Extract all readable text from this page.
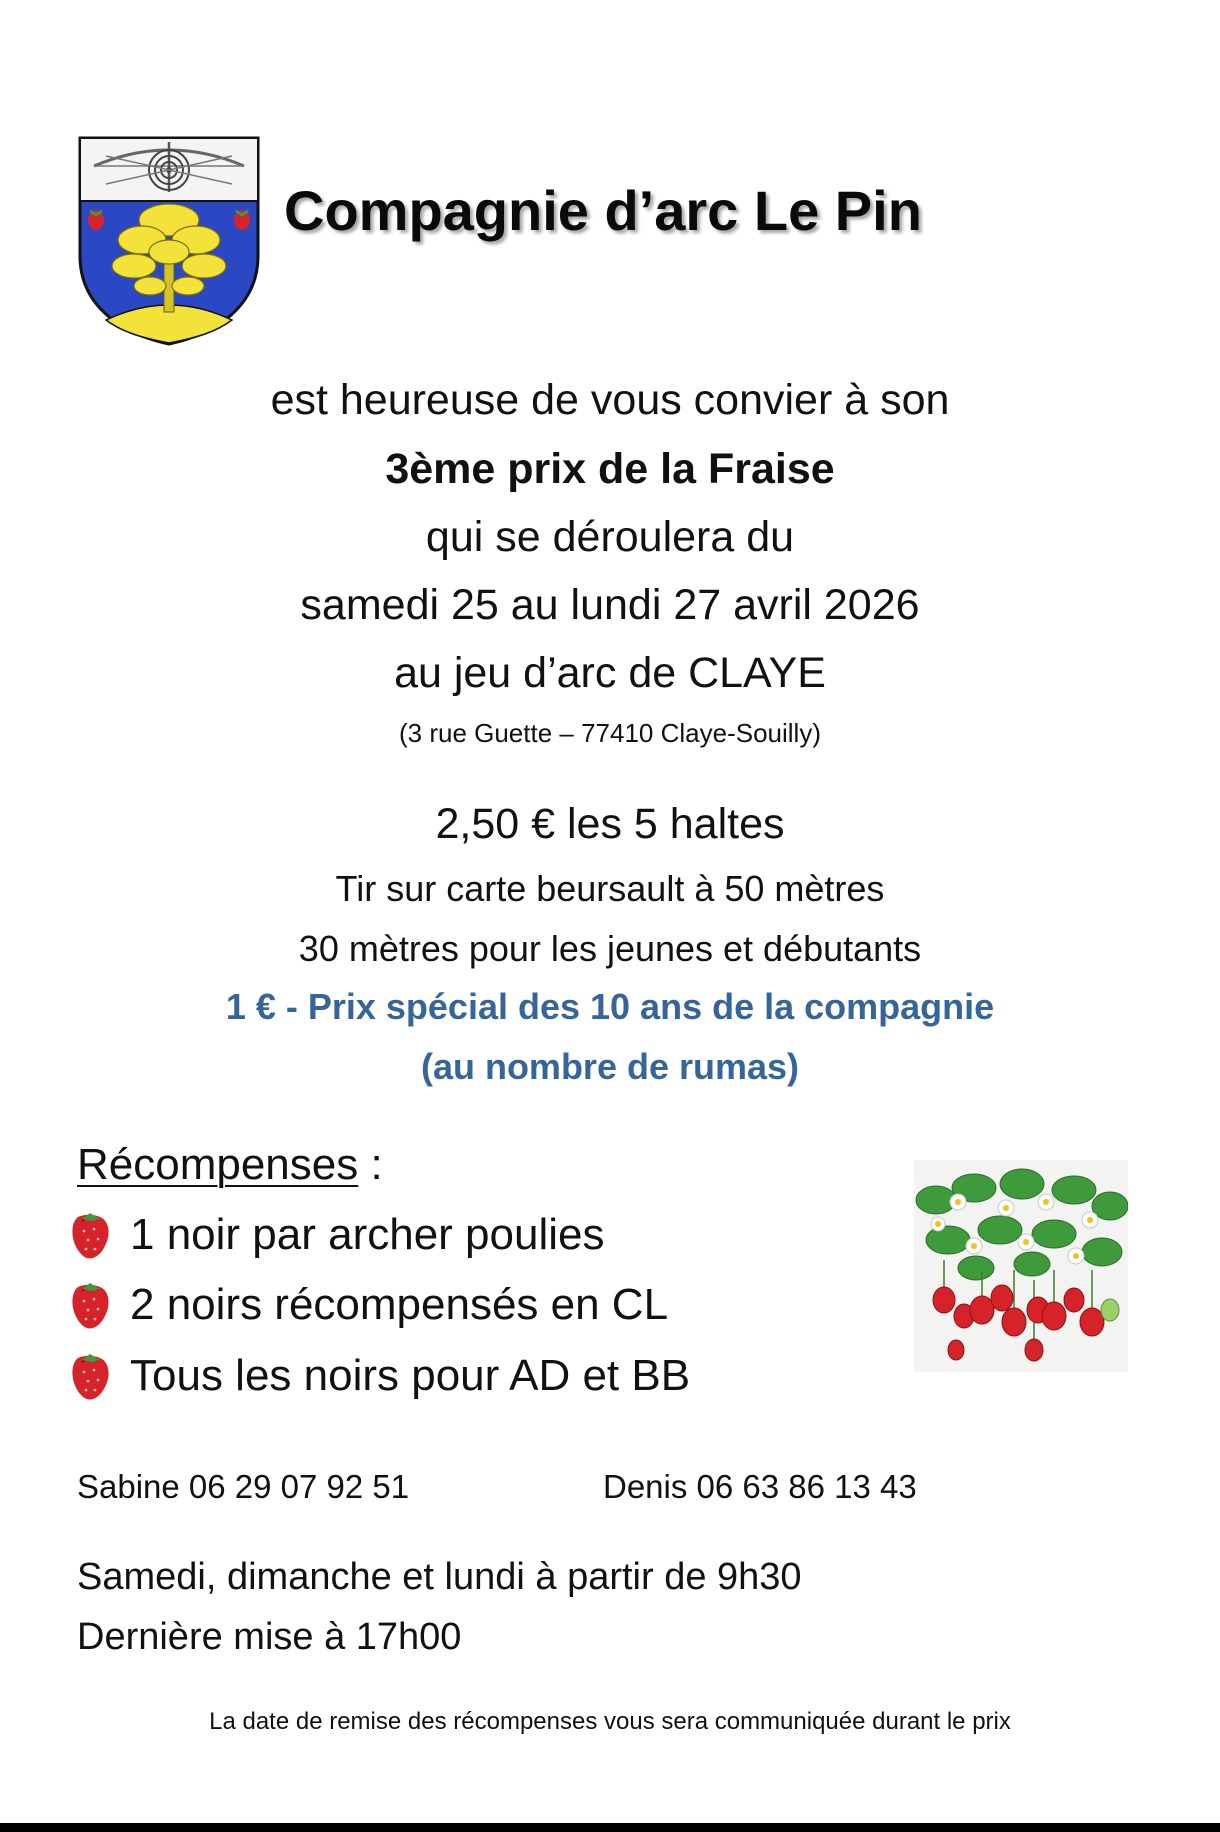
Compagnie d’arc Le Pin
est heureuse de vous convier à son
3ème prix de la Fraise
qui se déroulera du
samedi 25 au lundi 27 avril 2026
au jeu d’arc de CLAYE
(3 rue Guette – 77410 Claye-Souilly)
2,50 € les 5 haltes
Tir sur carte beursault à 50 mètres
30 mètres pour les jeunes et débutants
1 € - Prix spécial des 10 ans de la compagnie
(au nombre de rumas)
Récompenses :
1 noir par archer poulies
2 noirs récompensés en CL
Tous les noirs pour AD et BB
Sabine 06 29 07 92 51	Denis 06 63 86 13 43
Samedi, dimanche et lundi à partir de 9h30
Dernière mise à 17h00
La date de remise des récompenses vous sera communiquée durant le prix
